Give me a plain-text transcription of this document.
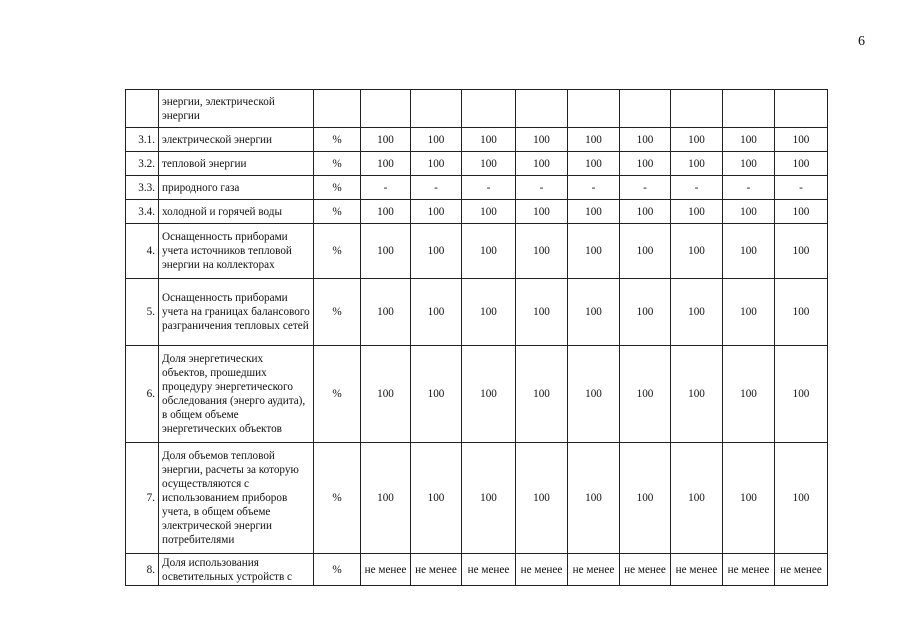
6
	энергии, электрической энергии										
3.1.	электрической энергии	%	100	100	100	100	100	100	100	100	100
3.2.	тепловой энергии	%	100	100	100	100	100	100	100	100	100
3.3.	природного газа	%	-	-	-	-	-	-	-	-	-
3.4.	холодной и горячей воды	%	100	100	100	100	100	100	100	100	100
4.	Оснащенность приборами учета источников тепловой энергии на коллекторах	%	100	100	100	100	100	100	100	100	100
5.	Оснащенность приборами учета на границах балансового разграничения тепловых сетей	%	100	100	100	100	100	100	100	100	100
6.	Доля энергетических объектов, прошедших процедуру энергетического обследования (энерго аудита), в общем объеме энергетических объектов	%	100	100	100	100	100	100	100	100	100
7.	Доля объемов тепловой энергии, расчеты за которую осуществляются с использованием приборов учета, в общем объеме электрической энергии потребителями	%	100	100	100	100	100	100	100	100	100
8.	Доля использования осветительных устройств с	%	не менее	не менее	не менее	не менее	не менее	не менее	не менее	не менее	не менее
